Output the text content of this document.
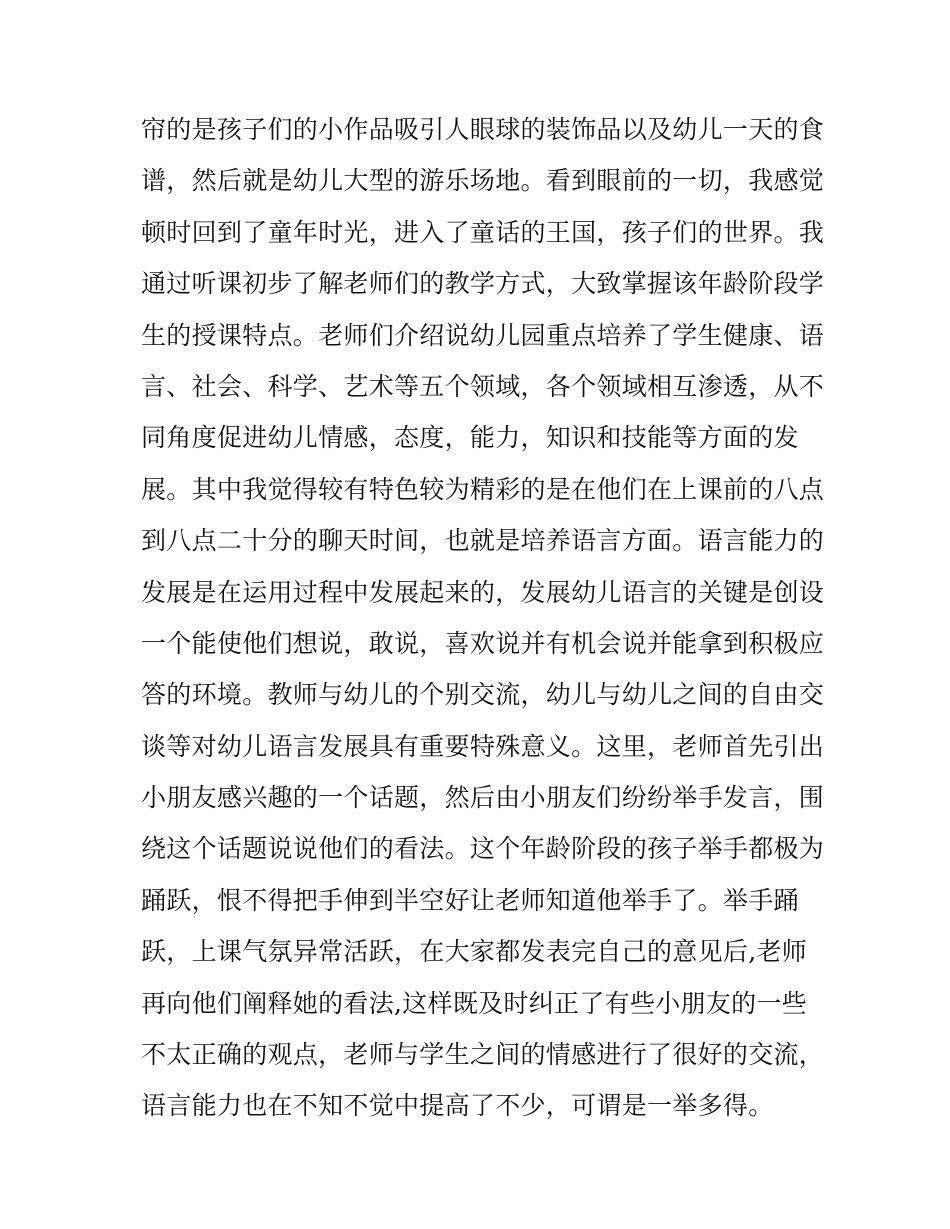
帘的是孩子们的小作品吸引人眼球的装饰品以及幼儿一天的食
谱，然后就是幼儿大型的游乐场地。看到眼前的一切，我感觉
顿时回到了童年时光，进入了童话的王国，孩子们的世界。我
通过听课初步了解老师们的教学方式，大致掌握该年龄阶段学
生的授课特点。老师们介绍说幼儿园重点培养了学生健康、语
言、社会、科学、艺术等五个领域，各个领域相互渗透，从不
同角度促进幼儿情感，态度，能力，知识和技能等方面的发
展。其中我觉得较有特色较为精彩的是在他们在上课前的八点
到八点二十分的聊天时间，也就是培养语言方面。语言能力的
发展是在运用过程中发展起来的，发展幼儿语言的关键是创设
一个能使他们想说，敢说，喜欢说并有机会说并能拿到积极应
答的环境。教师与幼儿的个别交流，幼儿与幼儿之间的自由交
谈等对幼儿语言发展具有重要特殊意义。这里，老师首先引出
小朋友感兴趣的一个话题，然后由小朋友们纷纷举手发言，围
绕这个话题说说他们的看法。这个年龄阶段的孩子举手都极为
踊跃，恨不得把手伸到半空好让老师知道他举手了。举手踊
跃，上课气氛异常活跃，在大家都发表完自己的意见后,老师
再向他们阐释她的看法,这样既及时纠正了有些小朋友的一些
不太正确的观点，老师与学生之间的情感进行了很好的交流，
语言能力也在不知不觉中提高了不少，可谓是一举多得。
